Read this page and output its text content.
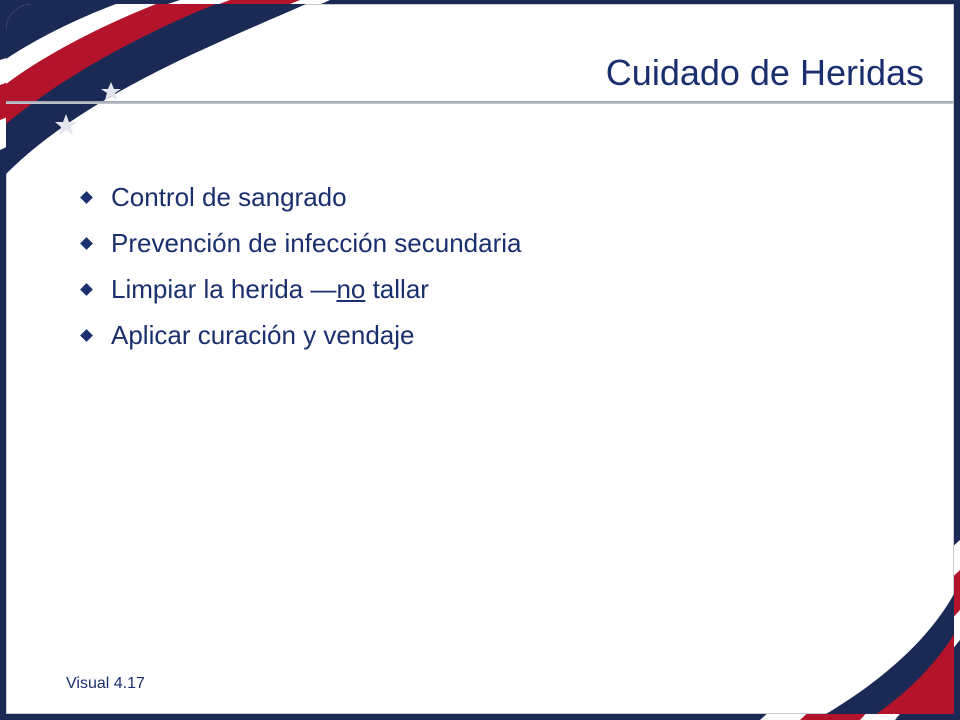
Cuidado de Heridas
Control de sangrado
Prevención de infección secundaria
Limpiar la herida —no tallar
Aplicar curación y vendaje
Visual 4.17
